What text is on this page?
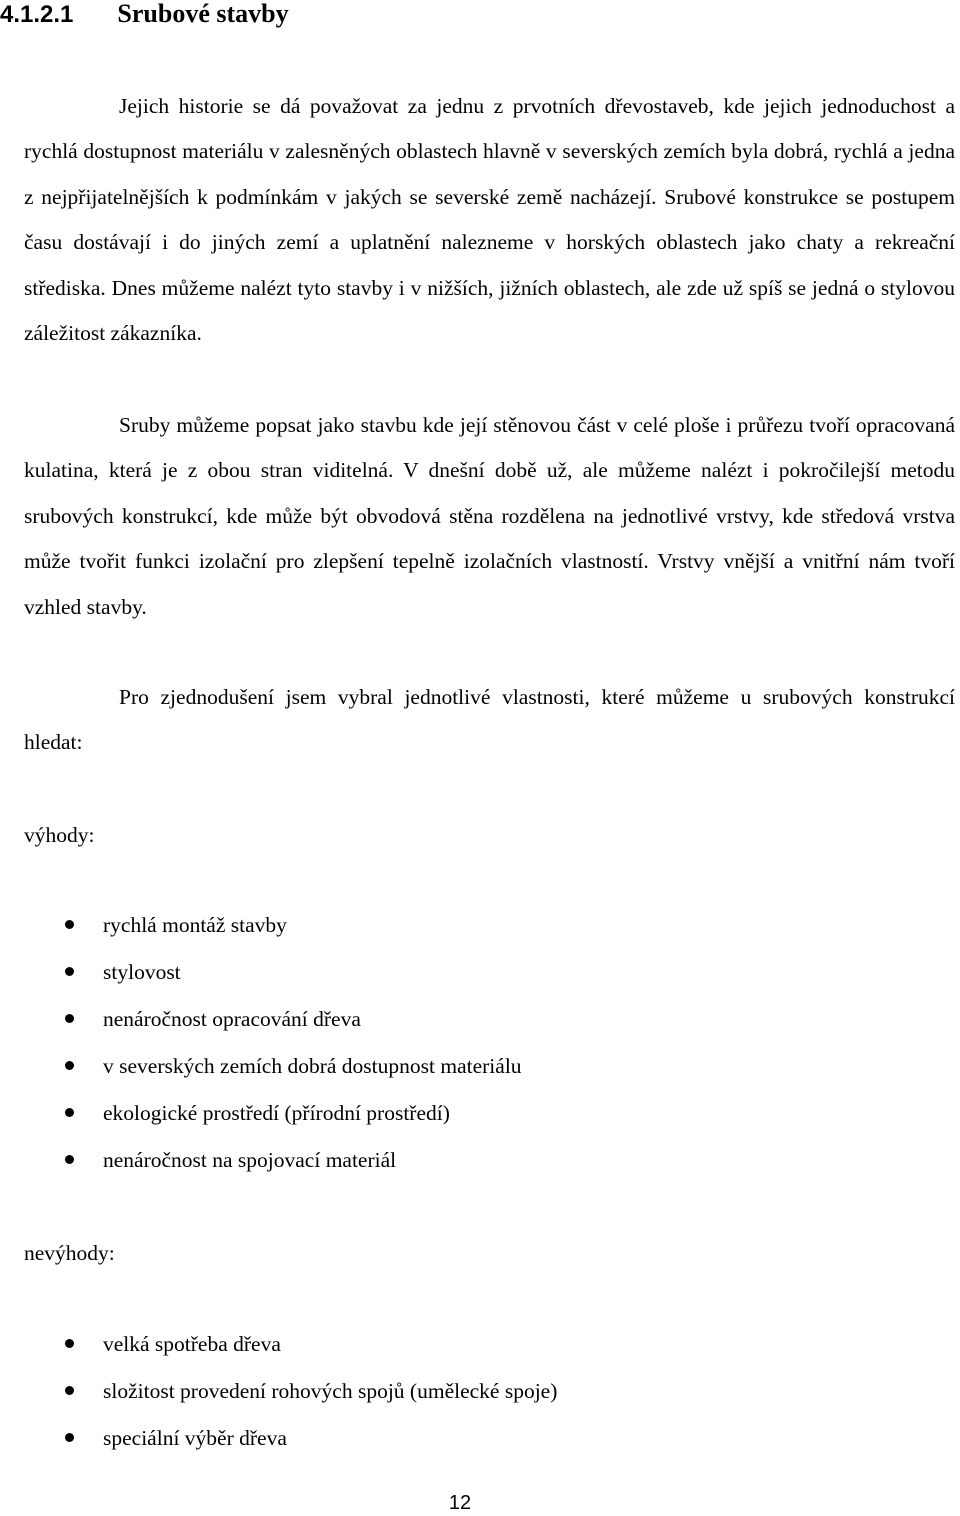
4.1.2.1 Srubové stavby

Jejich historie se dá považovat za jednu z prvotních dřevostaveb, kde jejich jednoduchost a rychlá dostupnost materiálu v zalesněných oblastech hlavně v severských zemích byla dobrá, rychlá a jedna z nejpřijatelnějších k podmínkám v jakých se severské země nacházejí. Srubové konstrukce se postupem času dostávají i do jiných zemí a uplatnění nalezneme v horských oblastech jako chaty a rekreační střediska. Dnes můžeme nalézt tyto stavby i v nižších, jižních oblastech, ale zde už spíš se jedná o stylovou záležitost zákazníka.

Sruby můžeme popsat jako stavbu kde její stěnovou část v celé ploše i průřezu tvoří opracovaná kulatina, která je z obou stran viditelná. V dnešní době už, ale můžeme nalézt i pokročilejší metodu srubových konstrukcí, kde může být obvodová stěna rozdělena na jednotlivé vrstvy, kde středová vrstva může tvořit funkci izolační pro zlepšení tepelně izolačních vlastností. Vrstvy vnější a vnitřní nám tvoří vzhled stavby.

Pro zjednodušení jsem vybral jednotlivé vlastnosti, které můžeme u srubových konstrukcí hledat:

výhody:
rychlá montáž stavby
stylovost
nenáročnost opracování dřeva
v severských zemích dobrá dostupnost materiálu
ekologické prostředí (přírodní prostředí)
nenáročnost na spojovací materiál
nevýhody:
velká spotřeba dřeva
složitost provedení rohových spojů (umělecké spoje)
speciální výběr dřeva
12
